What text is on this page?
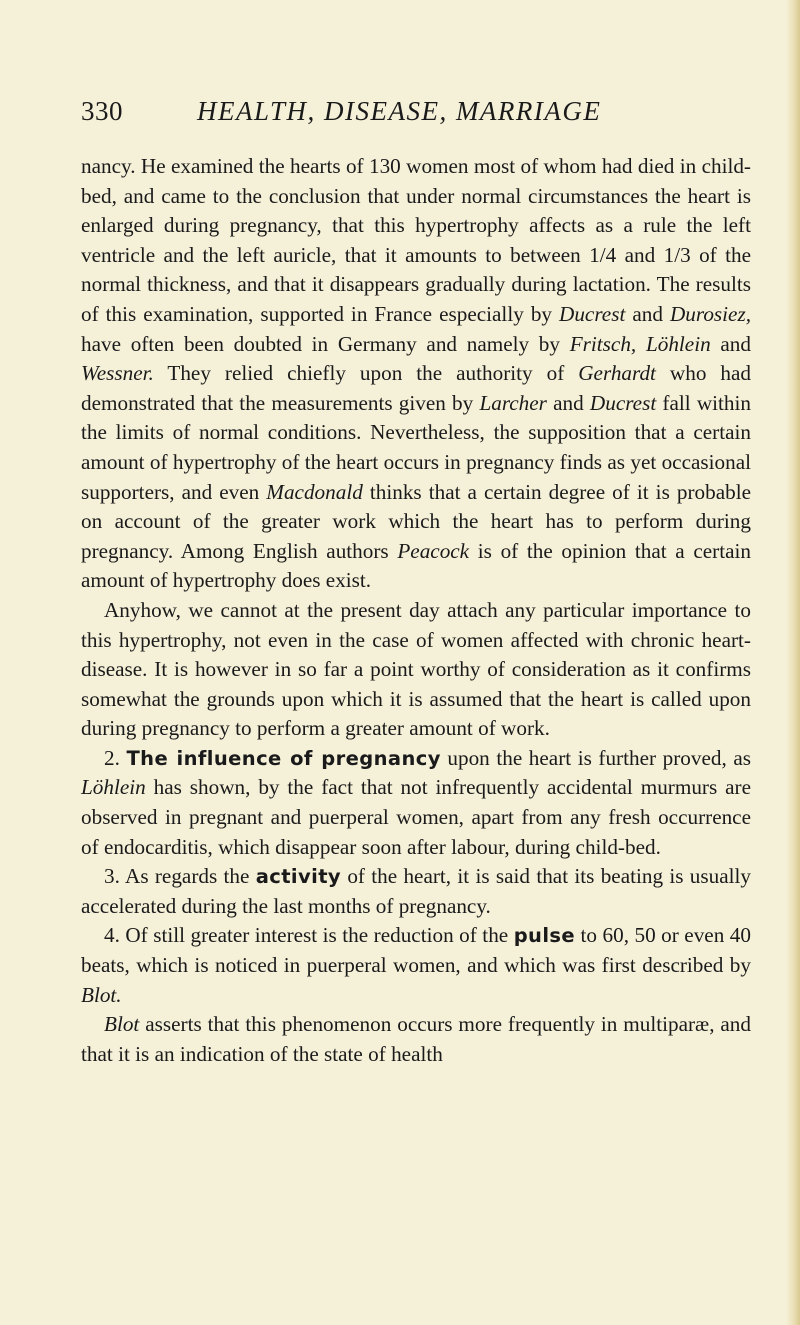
330	HEALTH, DISEASE, MARRIAGE

nancy. He examined the hearts of 130 women most of whom had died in child-bed, and came to the conclusion that under normal circumstances the heart is enlarged during pregnancy, that this hypertrophy affects as a rule the left ventricle and the left auricle, that it amounts to between 1/4 and 1/3 of the normal thickness, and that it disappears gradually during lactation. The results of this examination, supported in France especially by Ducrest and Durosiez, have often been doubted in Germany and namely by Fritsch, Löhlein and Wessner. They relied chiefly upon the authority of Gerhardt who had demonstrated that the measurements given by Larcher and Ducrest fall within the limits of normal conditions. Nevertheless, the supposition that a certain amount of hypertrophy of the heart occurs in pregnancy finds as yet occasional supporters, and even Macdonald thinks that a certain degree of it is probable on account of the greater work which the heart has to perform during pregnancy. Among English authors Peacock is of the opinion that a certain amount of hypertrophy does exist.

Anyhow, we cannot at the present day attach any particular importance to this hypertrophy, not even in the case of women affected with chronic heart-disease. It is however in so far a point worthy of consideration as it confirms somewhat the grounds upon which it is assumed that the heart is called upon during pregnancy to perform a greater amount of work.

2. The influence of pregnancy upon the heart is further proved, as Löhlein has shown, by the fact that not infrequently accidental murmurs are observed in pregnant and puerperal women, apart from any fresh occurrence of endocarditis, which disappear soon after labour, during child-bed.

3. As regards the activity of the heart, it is said that its beating is usually accelerated during the last months of pregnancy.

4. Of still greater interest is the reduction of the pulse to 60, 50 or even 40 beats, which is noticed in puerperal women, and which was first described by Blot.

Blot asserts that this phenomenon occurs more frequently in multiparæ, and that it is an indication of the state of health
